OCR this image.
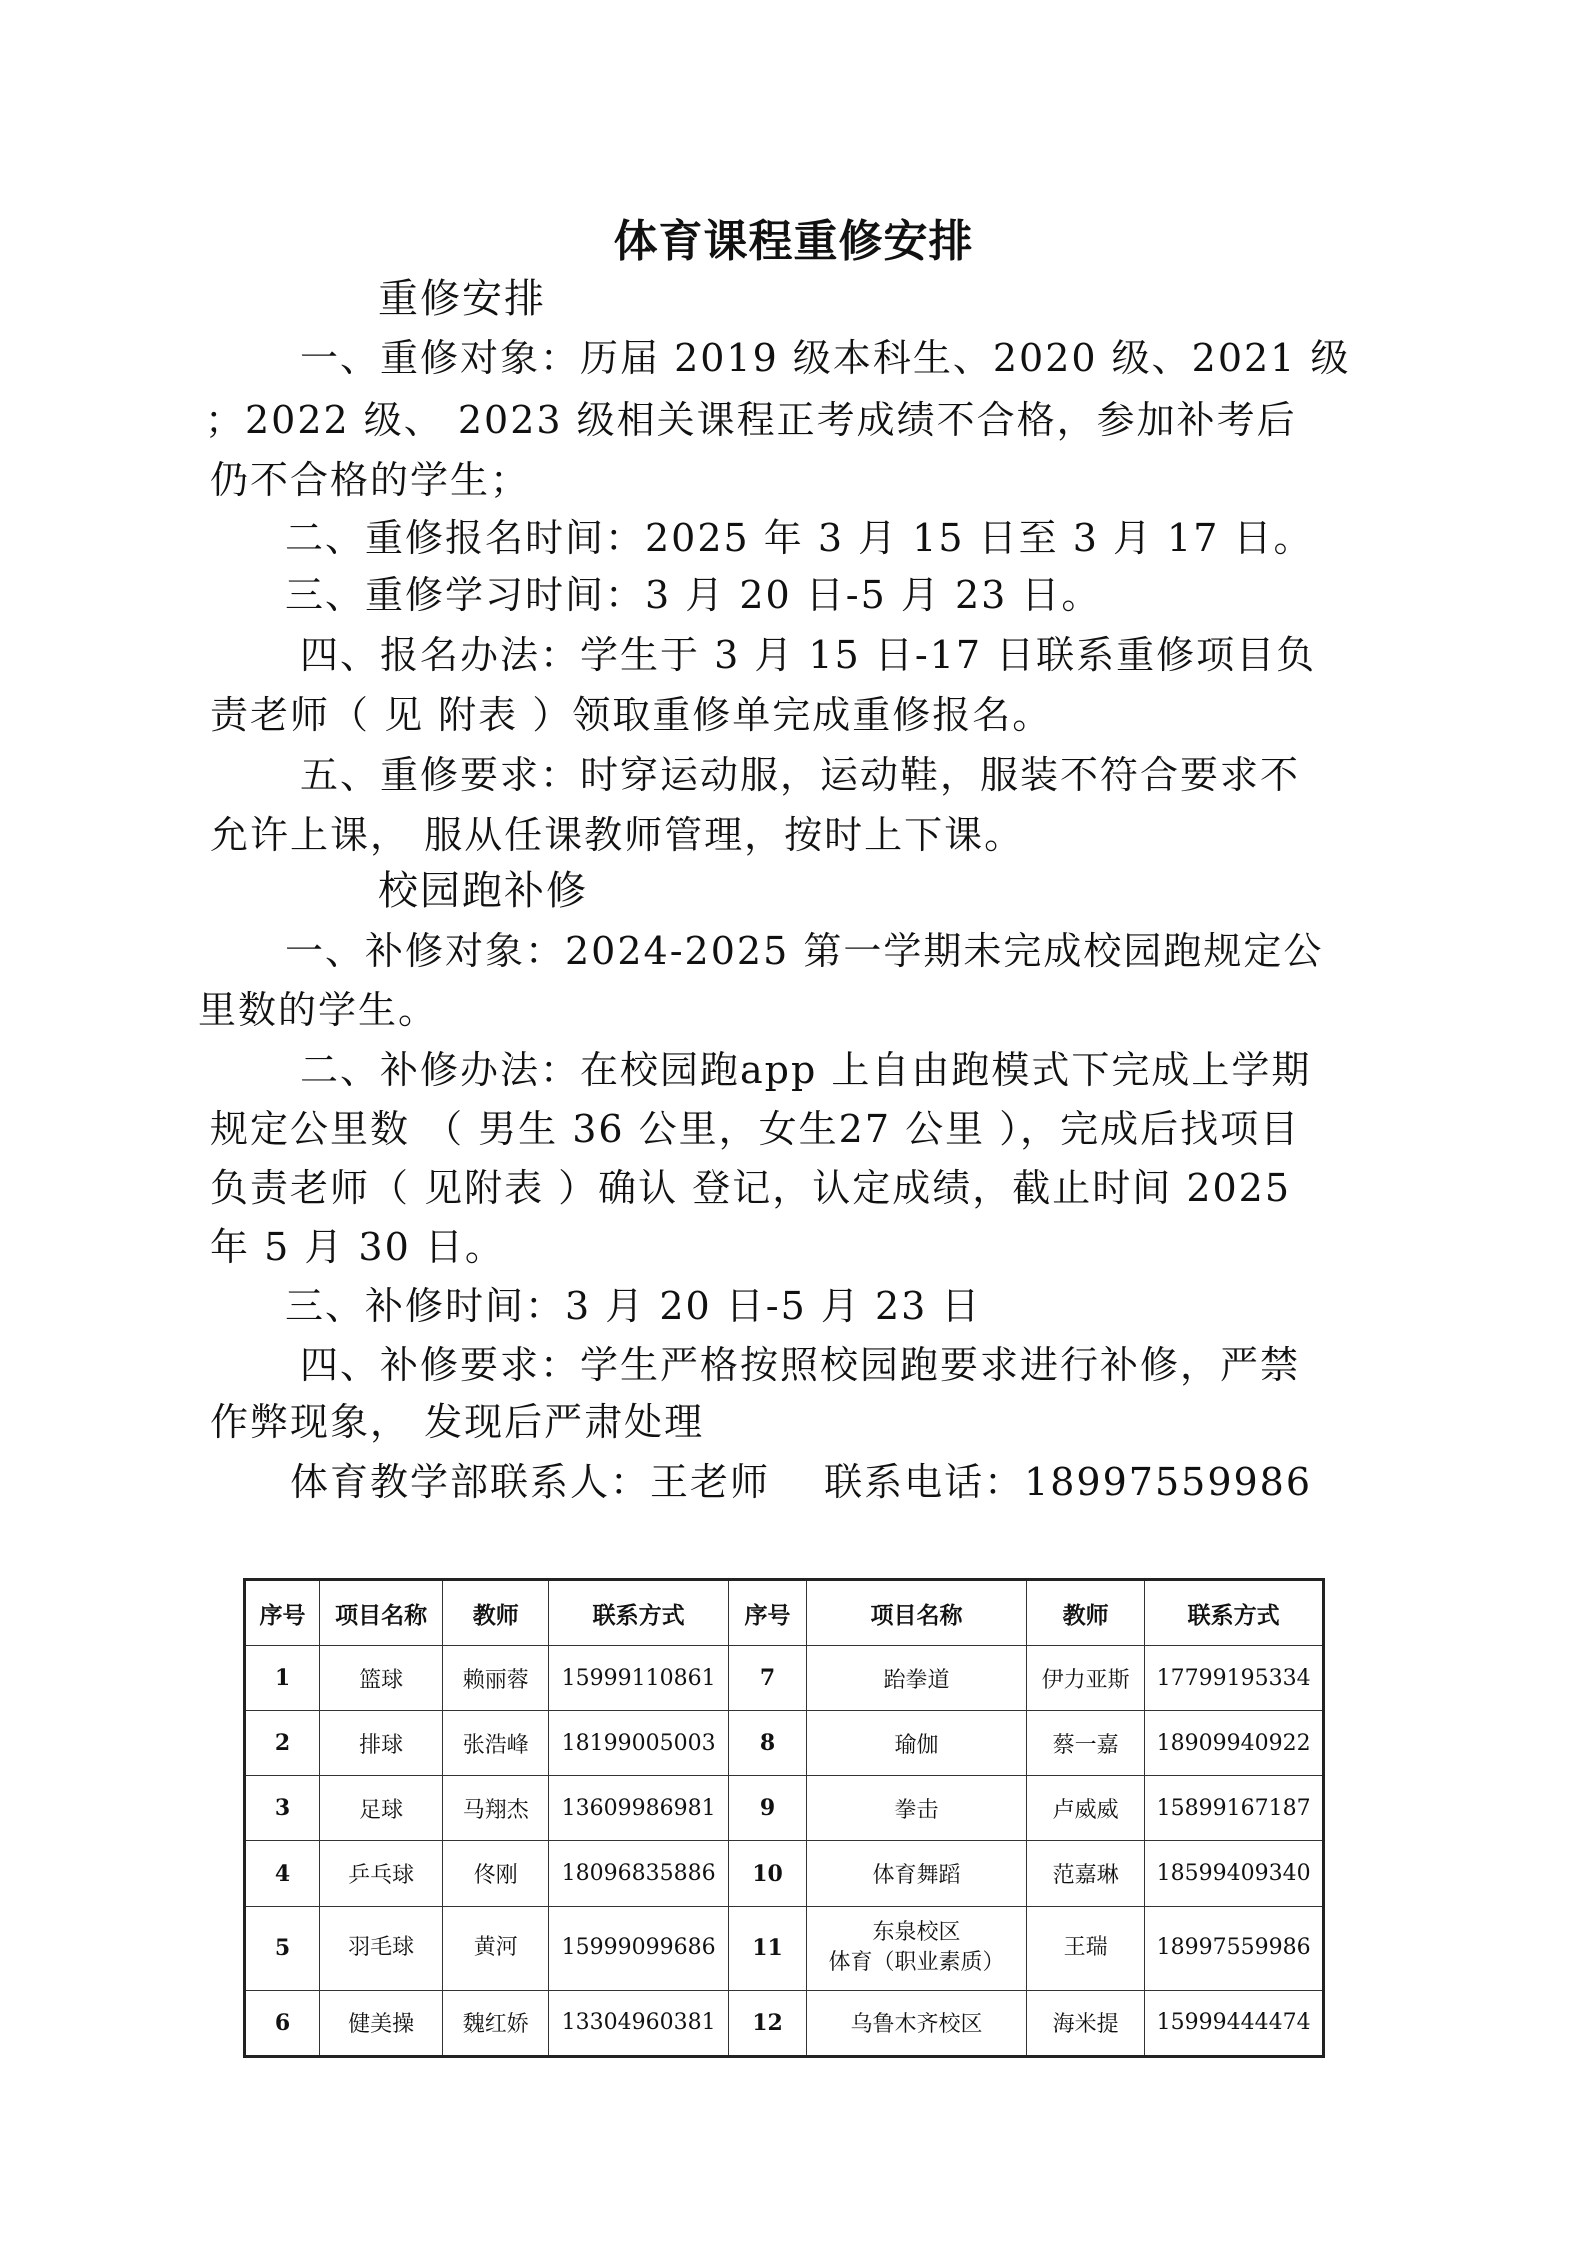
体育课程重修安排
重修安排
一、重修对象：历届 2019 级本科生、2020 级、2021 级
；2022 级、 2023 级相关课程正考成绩不合格，参加补考后
仍不合格的学生；
二、重修报名时间：2025 年 3 月 15 日至 3 月 17 日。
三、重修学习时间：3 月 20 日-5 月 23 日。
四、报名办法：学生于 3 月 15 日-17 日联系重修项目负
责老师（ 见 附表 ）领取重修单完成重修报名。
五、重修要求：时穿运动服，运动鞋，服装不符合要求不
允许上课， 服从任课教师管理，按时上下课。
校园跑补修
一、补修对象：2024-2025 第一学期未完成校园跑规定公
里数的学生。
二、补修办法：在校园跑app 上自由跑模式下完成上学期
规定公里数 （ 男生 36 公里，女生27 公里 ），完成后找项目
负责老师（ 见附表 ）确认 登记，认定成绩，截止时间 2025
年 5 月 30 日。
三、补修时间：3 月 20 日-5 月 23 日
四、补修要求：学生严格按照校园跑要求进行补修，严禁
作弊现象， 发现后严肃处理
体育教学部联系人：王老师　 联系电话：18997559986
序号	项目名称	教师	联系方式	序号	项目名称	教师	联系方式
1	篮球	赖丽蓉	15999110861	7	跆拳道	伊力亚斯	17799195334
2	排球	张浩峰	18199005003	8	瑜伽	蔡一嘉	18909940922
3	足球	马翔杰	13609986981	9	拳击	卢威威	15899167187
4	乒乓球	佟刚	18096835886	10	体育舞蹈	范嘉琳	18599409340
5	羽毛球	黄河	15999099686	11	东泉校区
体育（职业素质）	王瑞	18997559986
6	健美操	魏红娇	13304960381	12	乌鲁木齐校区	海米提	15999444474
